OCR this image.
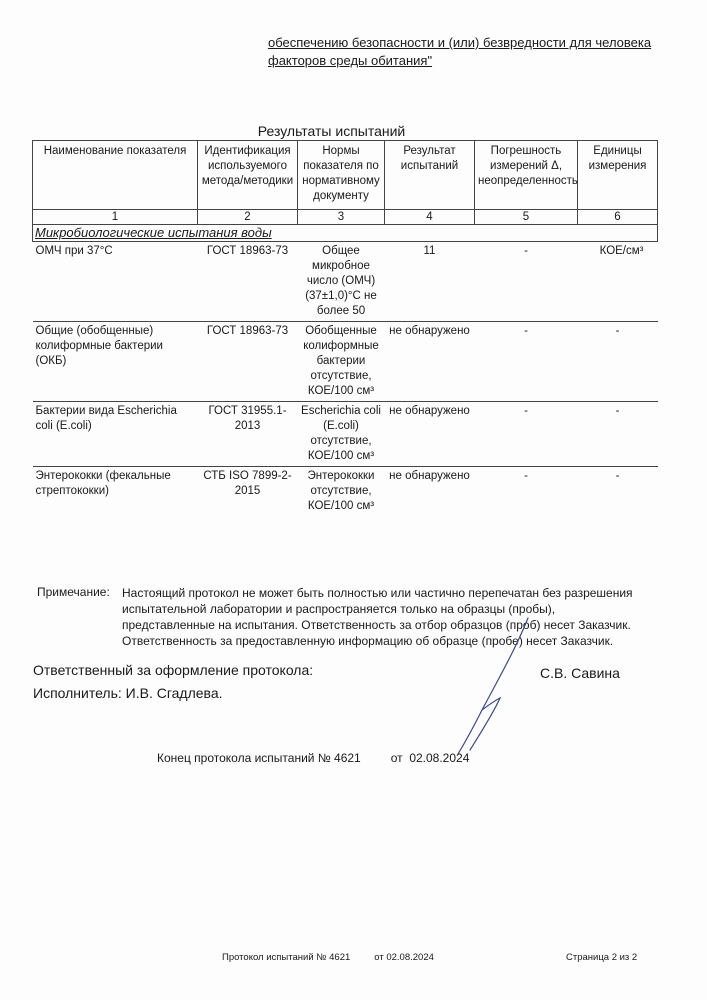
обеспечению безопасности и (или) безвредности для человека
факторов среды обитания"
Результаты испытаний
Наименование показателя	Идентификация используемого метода/методики	Нормы показателя по нормативному документу	Результат испытаний	Погрешность измерений Δ, неопределенность	Единицы измерения
1	2	3	4	5	6
Микробиологические испытания воды					
ОМЧ при 37°С	ГОСТ 18963-73	Общее микробное число (ОМЧ) (37±1,0)°С не более 50	11	-	КОЕ/см³

Общие (обобщенные) колиформные бактерии (ОКБ)	ГОСТ 18963-73	Обобщенные колиформные бактерии отсутствие, КОЕ/100 см³	не обнаружено	-	-

Бактерии вида Escherichia coli (E.coli)	ГОСТ 31955.1-2013	Escherichia coli (E.coli) отсутствие, КОЕ/100 см³	не обнаружено	-	-

Энтерококки (фекальные стрептококки)	СТБ ISO 7899-2-2015	Энтерококки отсутствие, КОЕ/100 см³	не обнаружено	-	-
Примечание: Настоящий протокол не может быть полностью или частично перепечатан без разрешения испытательной лаборатории и распространяется только на образцы (пробы), представленные на испытания. Ответственность за отбор образцов (проб) несет Заказчик. Ответственность за предоставленную информацию об образце (пробе) несет Заказчик.
Ответственный за оформление протокола:	С.В. Савина
Исполнитель: И.В. Сгадлева.
Конец протокола испытаний № 4621	от 02.08.2024
Протокол испытаний № 4621	от 02.08.2024	Страница 2 из 2
